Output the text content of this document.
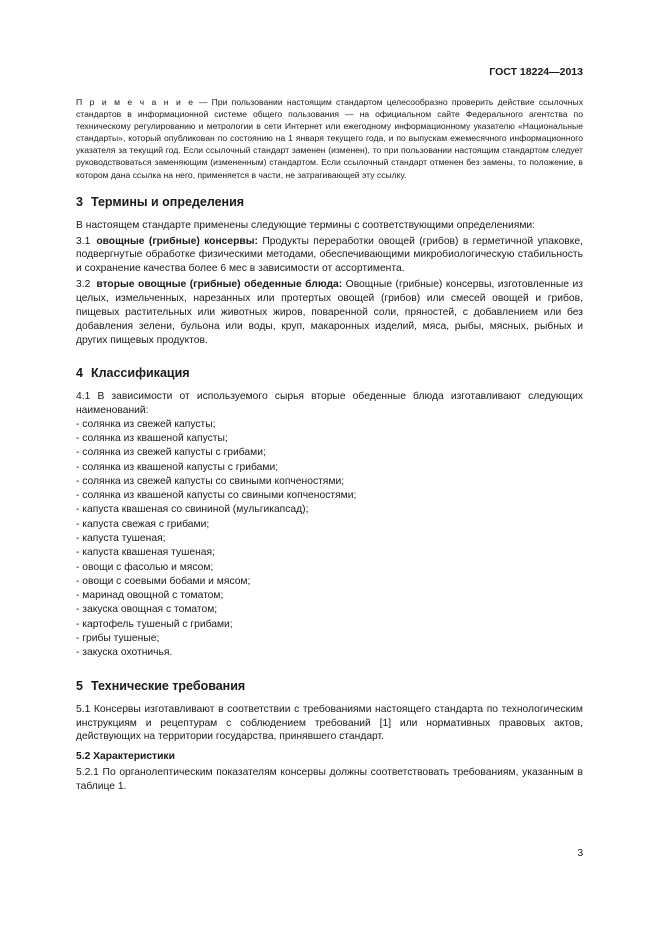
ГОСТ 18224—2013

П р и м е ч а н и е — При пользовании настоящим стандартом целесообразно проверить действие ссылочных стандартов в информационной системе общего пользования — на официальном сайте Федерального агентства по техническому регулированию и метрологии в сети Интернет или ежегодному информационному указателю «Национальные стандарты», который опубликован по состоянию на 1 января текущего года, и по выпускам ежемесячного информационного указателя за текущий год. Если ссылочный стандарт заменен (изменен), то при пользовании настоящим стандартом следует руководствоваться заменяющим (измененным) стандартом. Если ссылочный стандарт отменен без замены, то положение, в котором дана ссылка на него, применяется в части, не затрагивающей эту ссылку.

3 Термины и определения

В настоящем стандарте применены следующие термины с соответствующими определениями:

3.1 овощные (грибные) консервы: Продукты переработки овощей (грибов) в герметичной упаковке, подвергнутые обработке физическими методами, обеспечивающими микробиологическую стабильность и сохранение качества более 6 мес в зависимости от ассортимента.

3.2 вторые овощные (грибные) обеденные блюда: Овощные (грибные) консервы, изготовленные из целых, измельченных, нарезанных или протертых овощей (грибов) или смесей овощей и грибов, пищевых растительных или животных жиров, поваренной соли, пряностей, с добавлением или без добавления зелени, бульона или воды, круп, макаронных изделий, мяса, рыбы, мясных, рыбных и других пищевых продуктов.

4 Классификация

4.1 В зависимости от используемого сырья вторые обеденные блюда изготавливают следующих наименований:

- солянка из свежей капусты;
- солянка из квашеной капусты;
- солянка из свежей капусты с грибами;
- солянка из квашеной капусты с грибами;
- солянка из свежей капусты со свиными копченостями;
- солянка из квашеной капусты со свиными копченостями;
- капуста квашеная со свининой (мульгикапсад);
- капуста свежая с грибами;
- капуста тушеная;
- капуста квашеная тушеная;
- овощи с фасолью и мясом;
- овощи с соевыми бобами и мясом;
- маринад овощной с томатом;
- закуска овощная с томатом;
- картофель тушеный с грибами;
- грибы тушеные;
- закуска охотничья.
5 Технические требования

5.1 Консервы изготавливают в соответствии с требованиями настоящего стандарта по технологическим инструкциям и рецептурам с соблюдением требований [1] или нормативных правовых актов, действующих на территории государства, принявшего стандарт.

5.2 Характеристики

5.2.1 По органолептическим показателям консервы должны соответствовать требованиям, указанным в таблице 1.

3
